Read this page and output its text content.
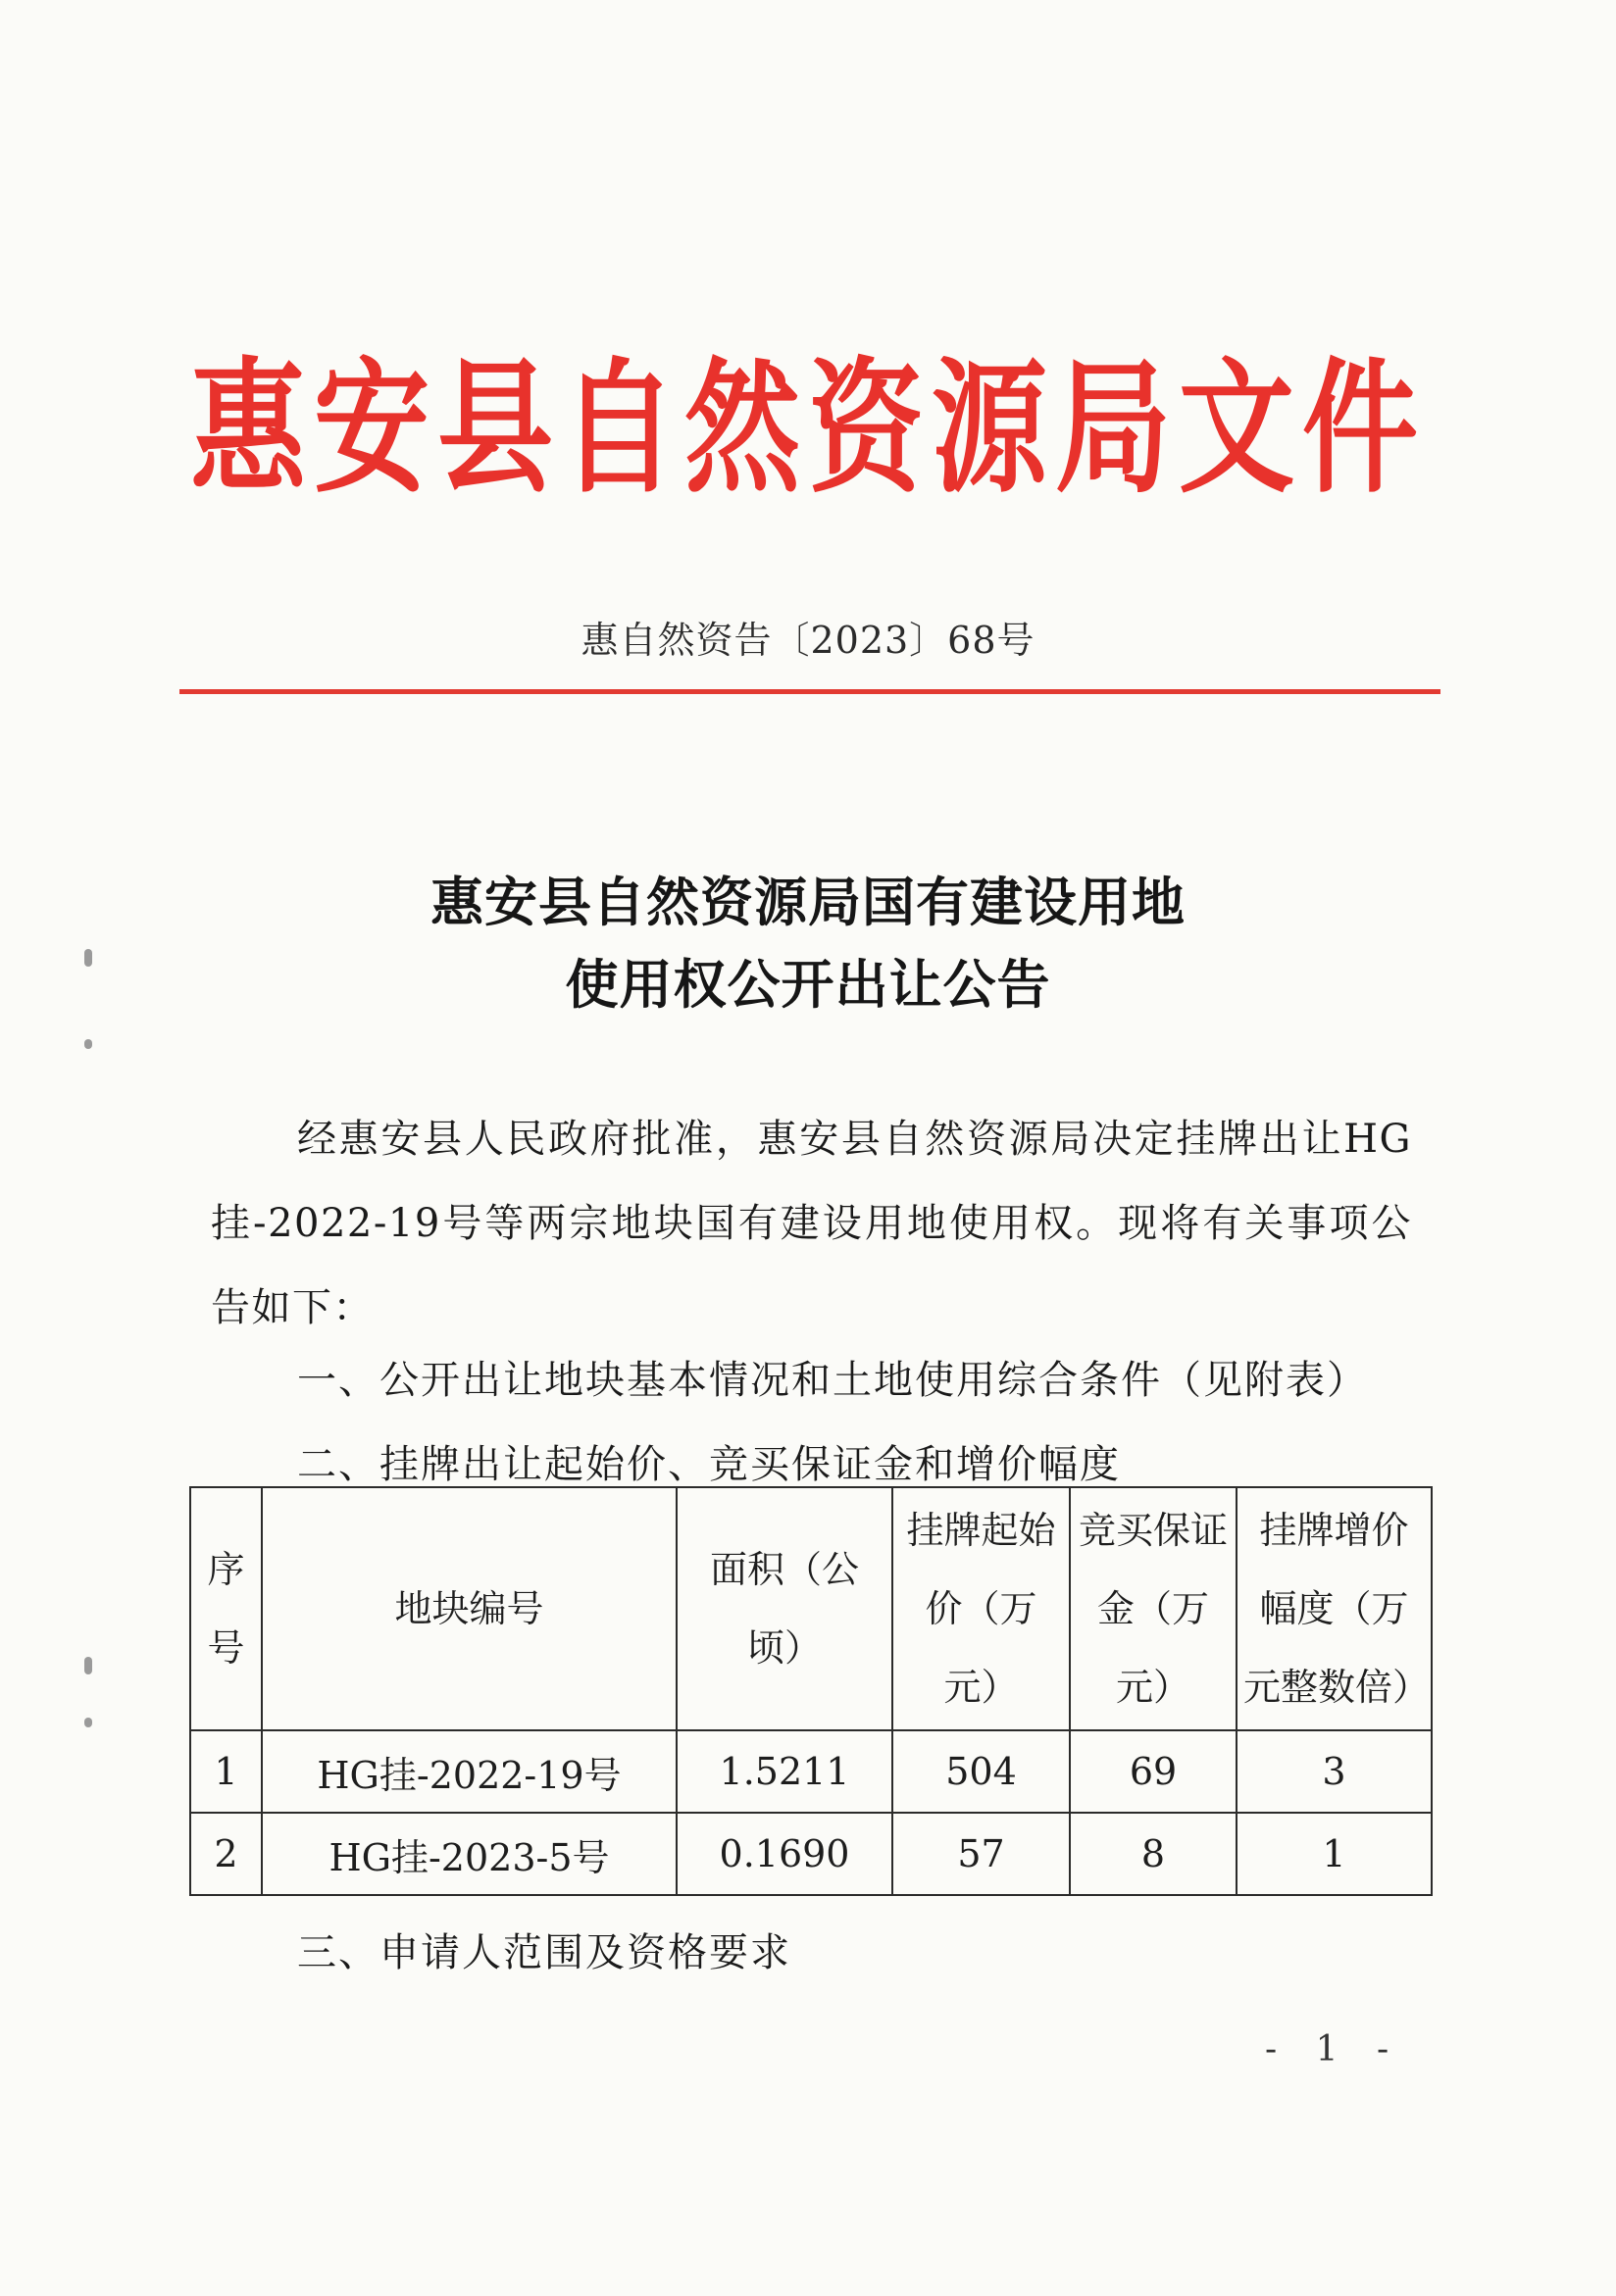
惠安县自然资源局文件
惠自然资告〔2023〕68号
惠安县自然资源局国有建设用地
使用权公开出让公告
经惠安县人民政府批准，惠安县自然资源局决定挂牌出让HG挂-2022-19号等两宗地块国有建设用地使用权。现将有关事项公告如下：
一、公开出让地块基本情况和土地使用综合条件（见附表）
二、挂牌出让起始价、竞买保证金和增价幅度
序号	地块编号	面积（公顷）	挂牌起始价（万元）	竞买保证金（万元）	挂牌增价幅度（万元整数倍）
1	HG挂-2022-19号	1.5211	504	69	3
2	HG挂-2023-5号	0.1690	57	8	1
三、申请人范围及资格要求
- 1 -
